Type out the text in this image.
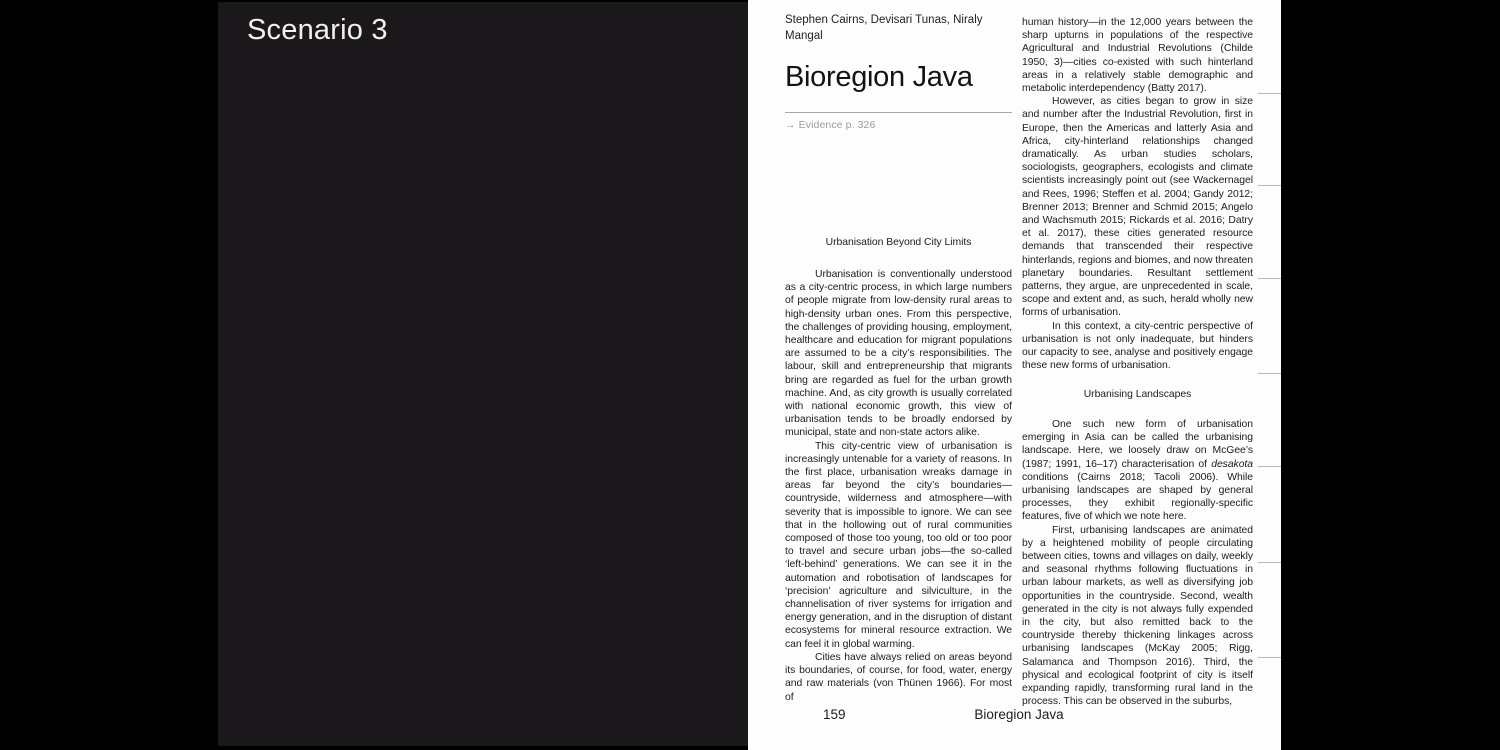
Scenario 3	Stephen Cairns, Devisari Tunas, Niraly Mangal
Bioregion Java
→ Evidence p. 326
Urbanisation Beyond City Limits

Urbanisation is conventionally understood as a city-centric process, in which large numbers of people migrate from low-density rural areas to high-density urban ones. From this perspective, the challenges of providing housing, employment, healthcare and education for migrant populations are assumed to be a city’s responsibilities. The labour, skill and entrepreneurship that migrants bring are regarded as fuel for the urban growth machine. And, as city growth is usually correlated with national economic growth, this view of urbanisation tends to be broadly endorsed by municipal, state and non-state actors alike.

This city-centric view of urbanisation is increasingly untenable for a variety of reasons. In the first place, urbanisation wreaks damage in areas far beyond the city’s boundaries—countryside, wilderness and atmosphere—with severity that is impossible to ignore. We can see that in the hollowing out of rural communities composed of those too young, too old or too poor to travel and secure urban jobs—the so-called ‘left-behind’ generations. We can see it in the automation and robotisation of landscapes for ‘precision’ agriculture and silviculture, in the channelisation of river systems for irrigation and energy generation, and in the disruption of distant ecosystems for mineral resource extraction. We can feel it in global warming.

Cities have always relied on areas beyond its boundaries, of course, for food, water, energy and raw materials (von Thünen 1966). For most of

human history—in the 12,000 years between the sharp upturns in populations of the respective Agricultural and Industrial Revolutions (Childe 1950, 3)—cities co-existed with such hinterland areas in a relatively stable demographic and metabolic interdependency (Batty 2017).

However, as cities began to grow in size and number after the Industrial Revolution, first in Europe, then the Americas and latterly Asia and Africa, city-hinterland relationships changed dramatically. As urban studies scholars, sociologists, geographers, ecologists and climate scientists increasingly point out (see Wackernagel and Rees, 1996; Steffen et al. 2004; Gandy 2012; Brenner 2013; Brenner and Schmid 2015; Angelo and Wachsmuth 2015; Rickards et al. 2016; Datry et al. 2017), these cities generated resource demands that transcended their respective hinterlands, regions and biomes, and now threaten planetary boundaries. Resultant settlement patterns, they argue, are unprecedented in scale, scope and extent and, as such, herald wholly new forms of urbanisation.

In this context, a city-centric perspective of urbanisation is not only inadequate, but hinders our capacity to see, analyse and positively engage these new forms of urbanisation.

Urbanising Landscapes

One such new form of urbanisation emerging in Asia can be called the urbanising landscape. Here, we loosely draw on McGee’s (1987; 1991, 16–17) characterisation of desakota conditions (Cairns 2018; Tacoli 2006). While urbanising landscapes are shaped by general processes, they exhibit regionally-specific features, five of which we note here.

First, urbanising landscapes are animated by a heightened mobility of people circulating between cities, towns and villages on daily, weekly and seasonal rhythms following fluctuations in urban labour markets, as well as diversifying job opportunities in the countryside. Second, wealth generated in the city is not always fully expended in the city, but also remitted back to the countryside thereby thickening linkages across urbanising landscapes (McKay 2005; Rigg, Salamanca and Thompson 2016). Third, the physical and ecological footprint of city is itself expanding rapidly, transforming rural land in the process. This can be observed in the suburbs,

159	Bioregion Java
